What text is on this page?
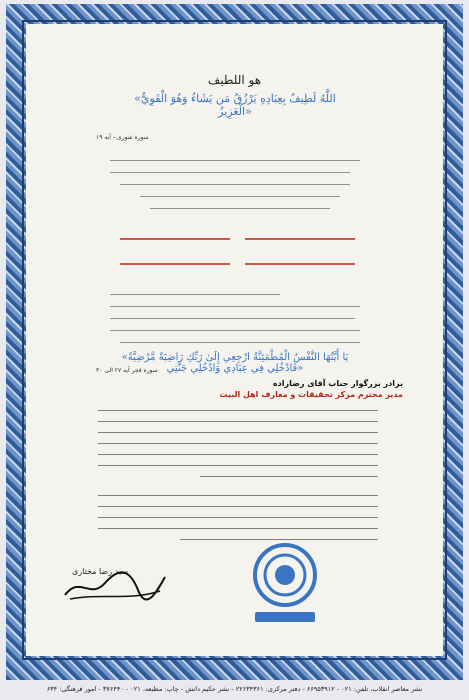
هو اللطیف
«اللَّهُ لَطِيفٌ بِعِبَادِهِ يَرْزُقُ مَن يَشَاءُ وَهُوَ الْقَوِيُّ الْعَزِيزُ»
سوره شوری - آیه ۱۹
«يَا أَيَّتُهَا النَّفْسُ الْمُطْمَئِنَّةُ ارْجِعِي إِلَىٰ رَبِّكِ رَاضِيَةً مَّرْضِيَّةً فَادْخُلِي فِي عِبَادِي وَادْخُلِي جَنَّتِي»
سوره فجر آیه ۲۷ الی ۳۰
برادر بزرگوار جناب آقای رضازاده
مدیر محترم مرکز تحقیقات و معارف اهل البیت
سید رضا مختاری
نشر معاصر انقلاب، تلفن: ۰۲۱ - ۶۶۹۵۳۹۱۲ - دفتر مرکزی: ۲۲۶۳۴۳۶۱ - نشر حکیم دانش - چاپ: مطبعه، ۰۲۱ - ۳۷۶۴۴۰ - امور فرهنگی: ۶۳۴
